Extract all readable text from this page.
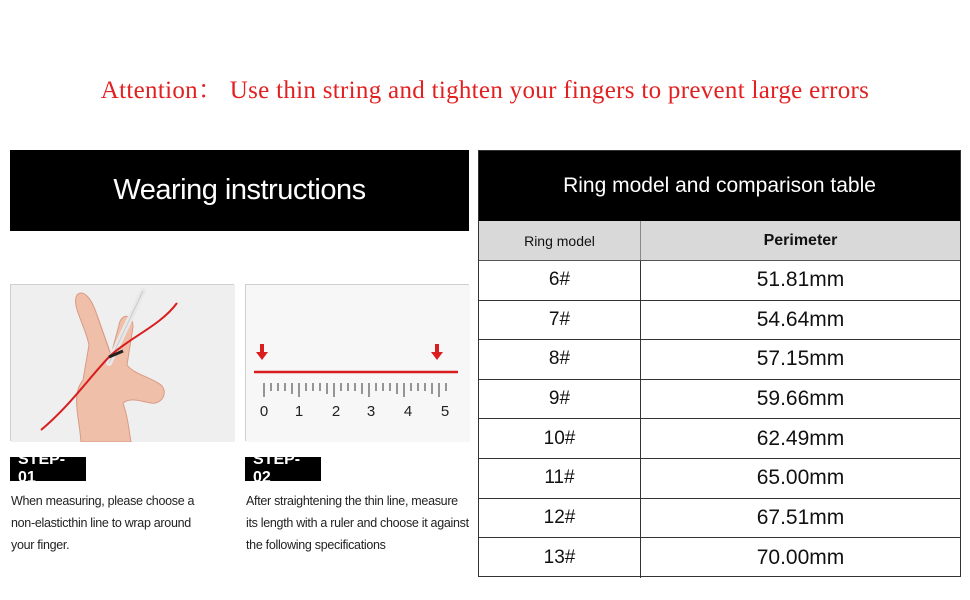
Attention： Use thin string and tighten your fingers to prevent large errors
Wearing instructions
0 1 2 3 4 5
STEP-01
STEP-02
When measuring, please choose a
non-elasticthin line to wrap around
your finger.
After straightening the thin line, measure
its length with a ruler and choose it against
the following specifications
Ring model and comparison table
Ring model	Perimeter
6#	51.81mm
7#	54.64mm
8#	57.15mm
9#	59.66mm
10#	62.49mm
11#	65.00mm
12#	67.51mm
13#	70.00mm
